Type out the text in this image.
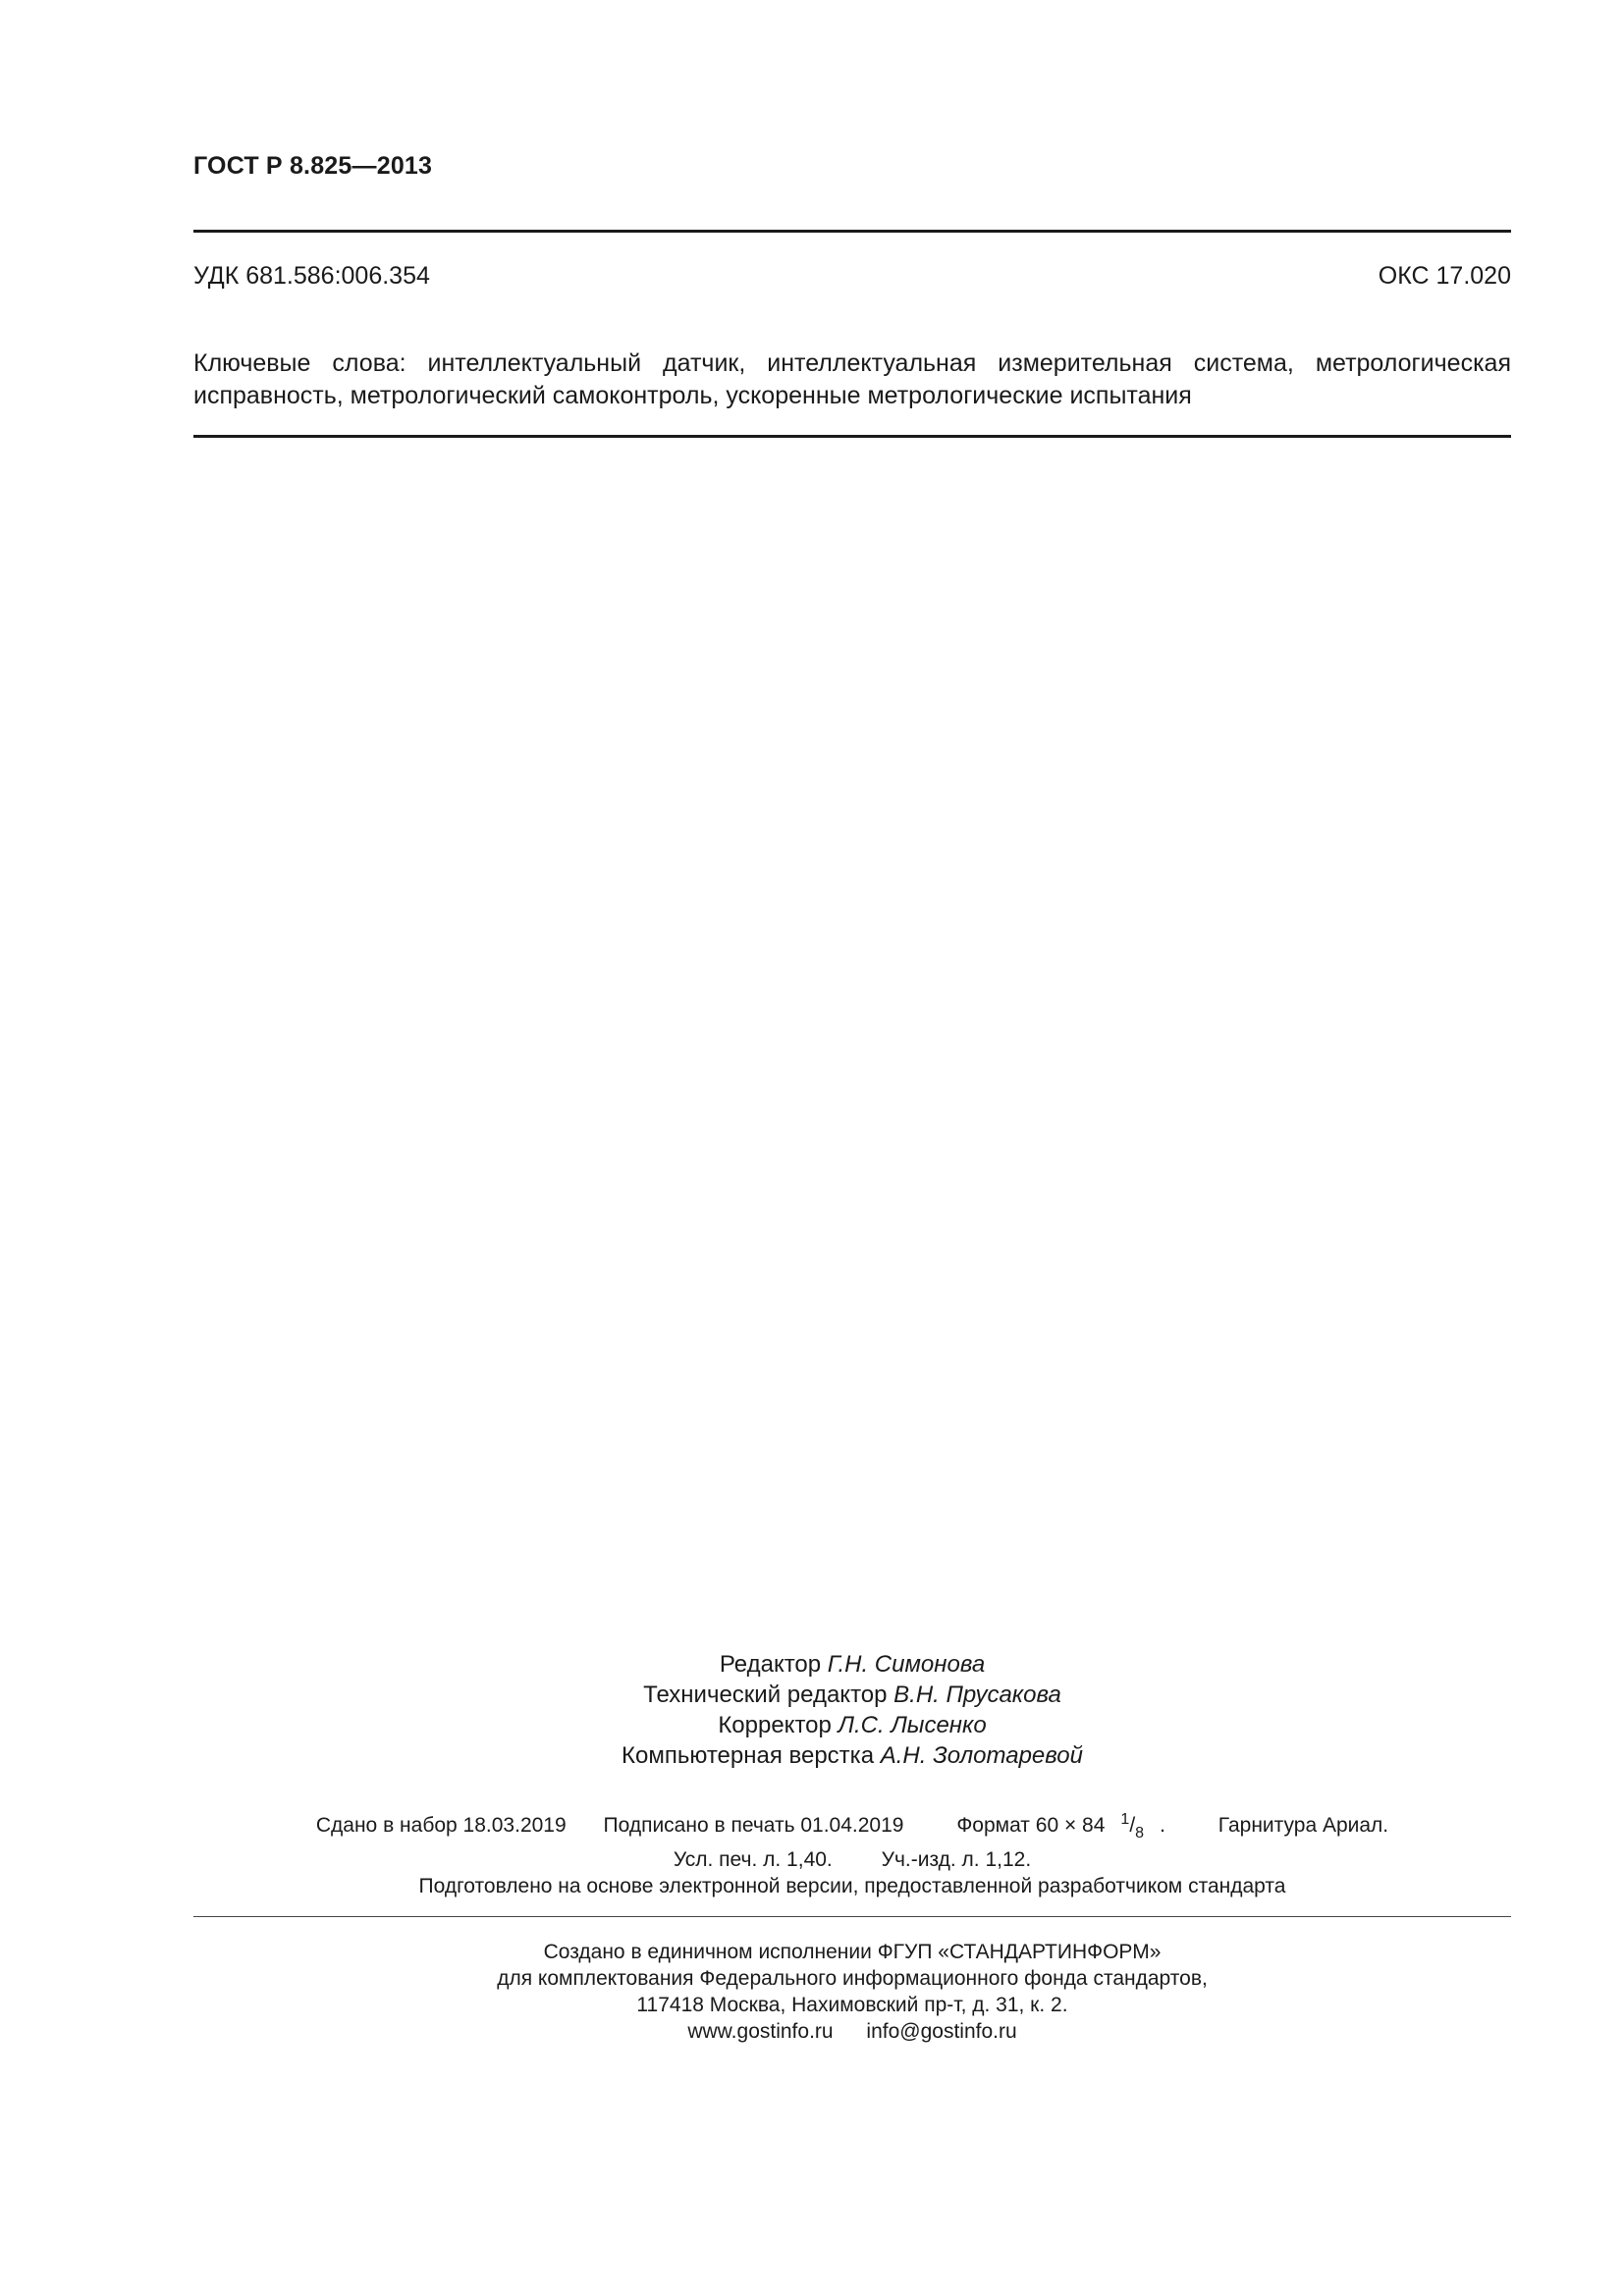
ГОСТ Р 8.825—2013
УДК 681.586:006.354	ОКС 17.020
Ключевые слова: интеллектуальный датчик, интеллектуальная измерительная система, метрологическая исправность, метрологический самоконтроль, ускоренные метрологические испытания
Редактор Г.Н. Симонова
Технический редактор В.Н. Прусакова
Корректор Л.С. Лысенко
Компьютерная верстка А.Н. Золотаревой
Сдано в набор 18.03.2019 Подписано в печать 01.04.2019	Формат 60 × 84 $^1/_8$ .	Гарнитура Ариал.
Усл. печ. л. 1,40. Уч.-изд. л. 1,12.
Подготовлено на основе электронной версии, предоставленной разработчиком стандарта
Создано в единичном исполнении ФГУП «СТАНДАРТИНФОРМ»
для комплектования Федерального информационного фонда стандартов,
117418 Москва, Нахимовский пр-т, д. 31, к. 2.
www.gostinfo.ru info@gostinfo.ru
